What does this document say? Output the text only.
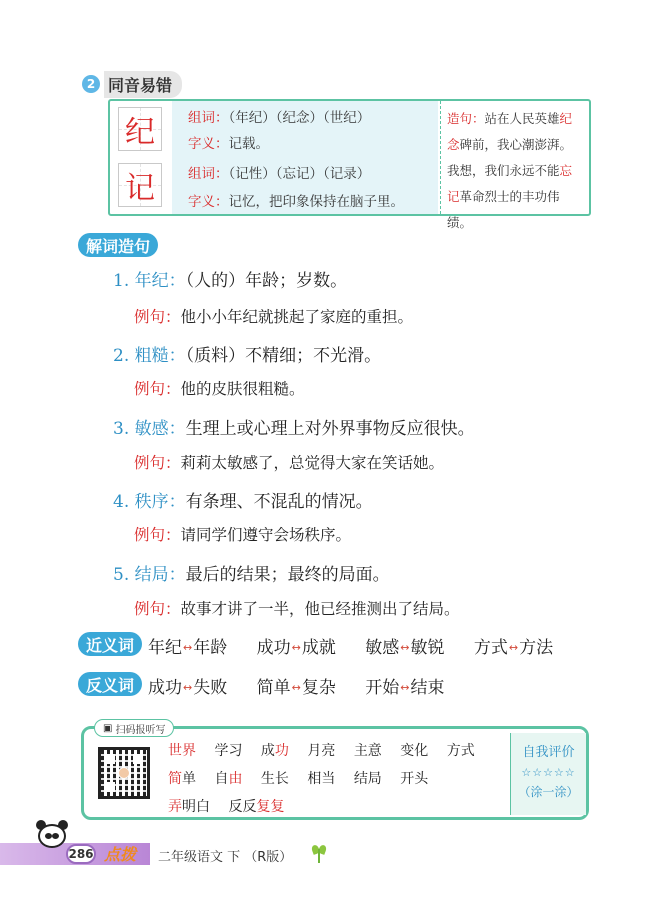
2 同音易错
纪
记
组词：（年纪）（纪念）（世纪）
字义：记载。
组词：（记性）（忘记）（记录）
字义：记忆，把印象保持在脑子里。
造句：站在人民英雄纪
念碑前，我心潮澎湃。
我想，我们永远不能忘
记革命烈士的丰功伟绩。
解词造句
1. 年纪：（人的）年龄；岁数。
例句：他小小年纪就挑起了家庭的重担。
2. 粗糙：（质料）不精细；不光滑。
例句：他的皮肤很粗糙。
3. 敏感：生理上或心理上对外界事物反应很快。
例句：莉莉太敏感了，总觉得大家在笑话她。
4. 秩序：有条理、不混乱的情况。
例句：请同学们遵守会场秩序。
5. 结局：最后的结果；最终的局面。
例句：故事才讲了一半，他已经推测出了结局。
近义词 年纪↔年龄 成功↔成就 敏感↔敏锐 方式↔方法
反义词 成功↔失败 简单↔复杂 开始↔结束
▣ 扫码报听写
世界 学习 成功 月亮 主意 变化 方式 简单 自由 生长 相当 结局 开头
弄明白 反反复复
自我评价
☆☆☆☆☆
（涂一涂）
286 点拨 二年级语文 下 （R版）
